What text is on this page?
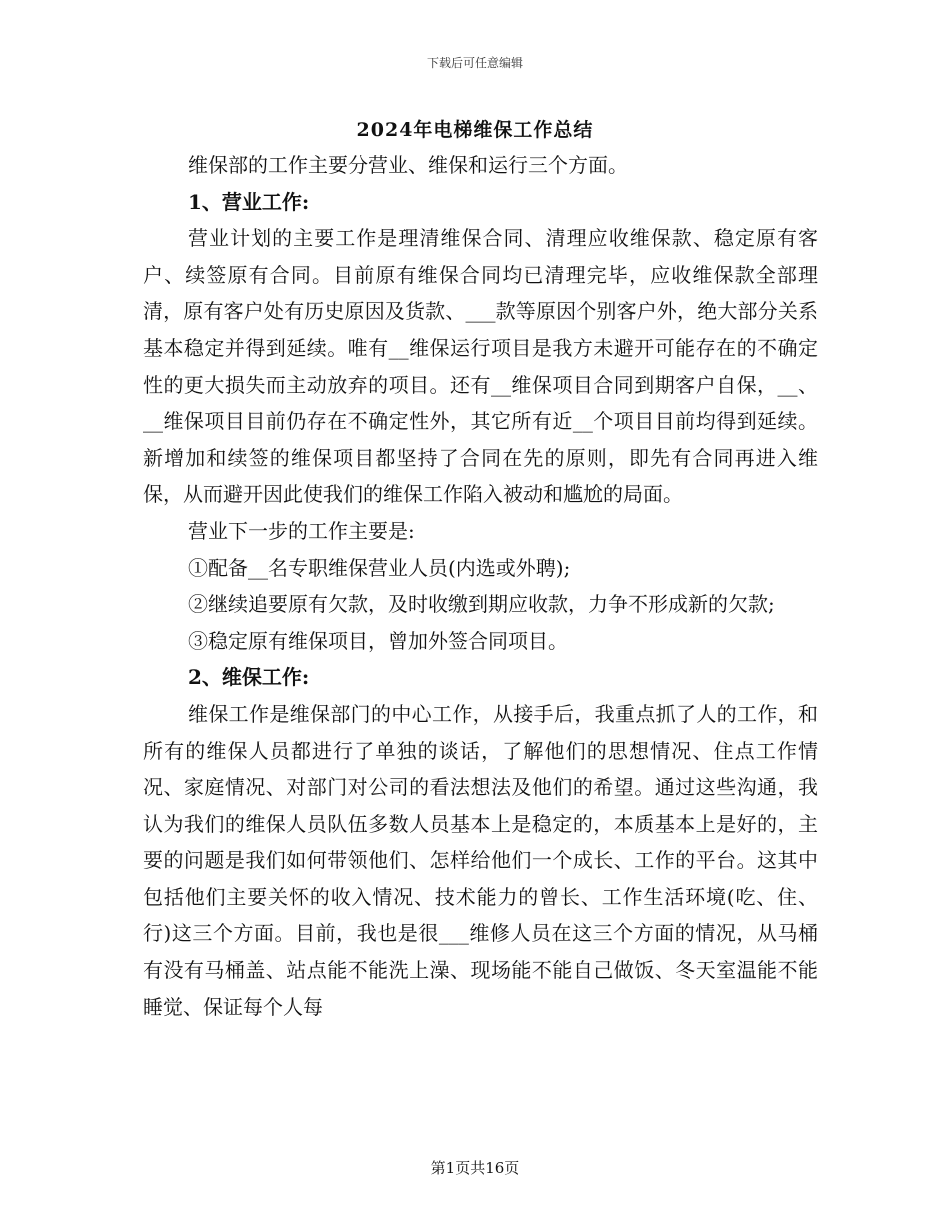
下载后可任意编辑
2024年电梯维保工作总结

维保部的工作主要分营业、维保和运行三个方面。

1、营业工作:

营业计划的主要工作是理清维保合同、清理应收维保款、稳定原有客户、续签原有合同。目前原有维保合同均已清理完毕，应收维保款全部理清，原有客户处有历史原因及货款、___款等原因个别客户外，绝大部分关系基本稳定并得到延续。唯有__维保运行项目是我方未避开可能存在的不确定性的更大损失而主动放弃的项目。还有__维保项目合同到期客户自保，__、__维保项目目前仍存在不确定性外，其它所有近__个项目目前均得到延续。新增加和续签的维保项目都坚持了合同在先的原则，即先有合同再进入维保，从而避开因此使我们的维保工作陷入被动和尴尬的局面。

营业下一步的工作主要是:

①配备__名专职维保营业人员(内选或外聘);

②继续追要原有欠款，及时收缴到期应收款，力争不形成新的欠款;

③稳定原有维保项目，曾加外签合同项目。

2、维保工作:

维保工作是维保部门的中心工作，从接手后，我重点抓了人的工作，和所有的维保人员都进行了单独的谈话，了解他们的思想情况、住点工作情况、家庭情况、对部门对公司的看法想法及他们的希望。通过这些沟通，我认为我们的维保人员队伍多数人员基本上是稳定的，本质基本上是好的，主要的问题是我们如何带领他们、怎样给他们一个成长、工作的平台。这其中包括他们主要关怀的收入情况、技术能力的曾长、工作生活环境(吃、住、行)这三个方面。目前，我也是很___维修人员在这三个方面的情况，从马桶有没有马桶盖、站点能不能洗上澡、现场能不能自己做饭、冬天室温能不能睡觉、保证每个人每

第1页共16页
